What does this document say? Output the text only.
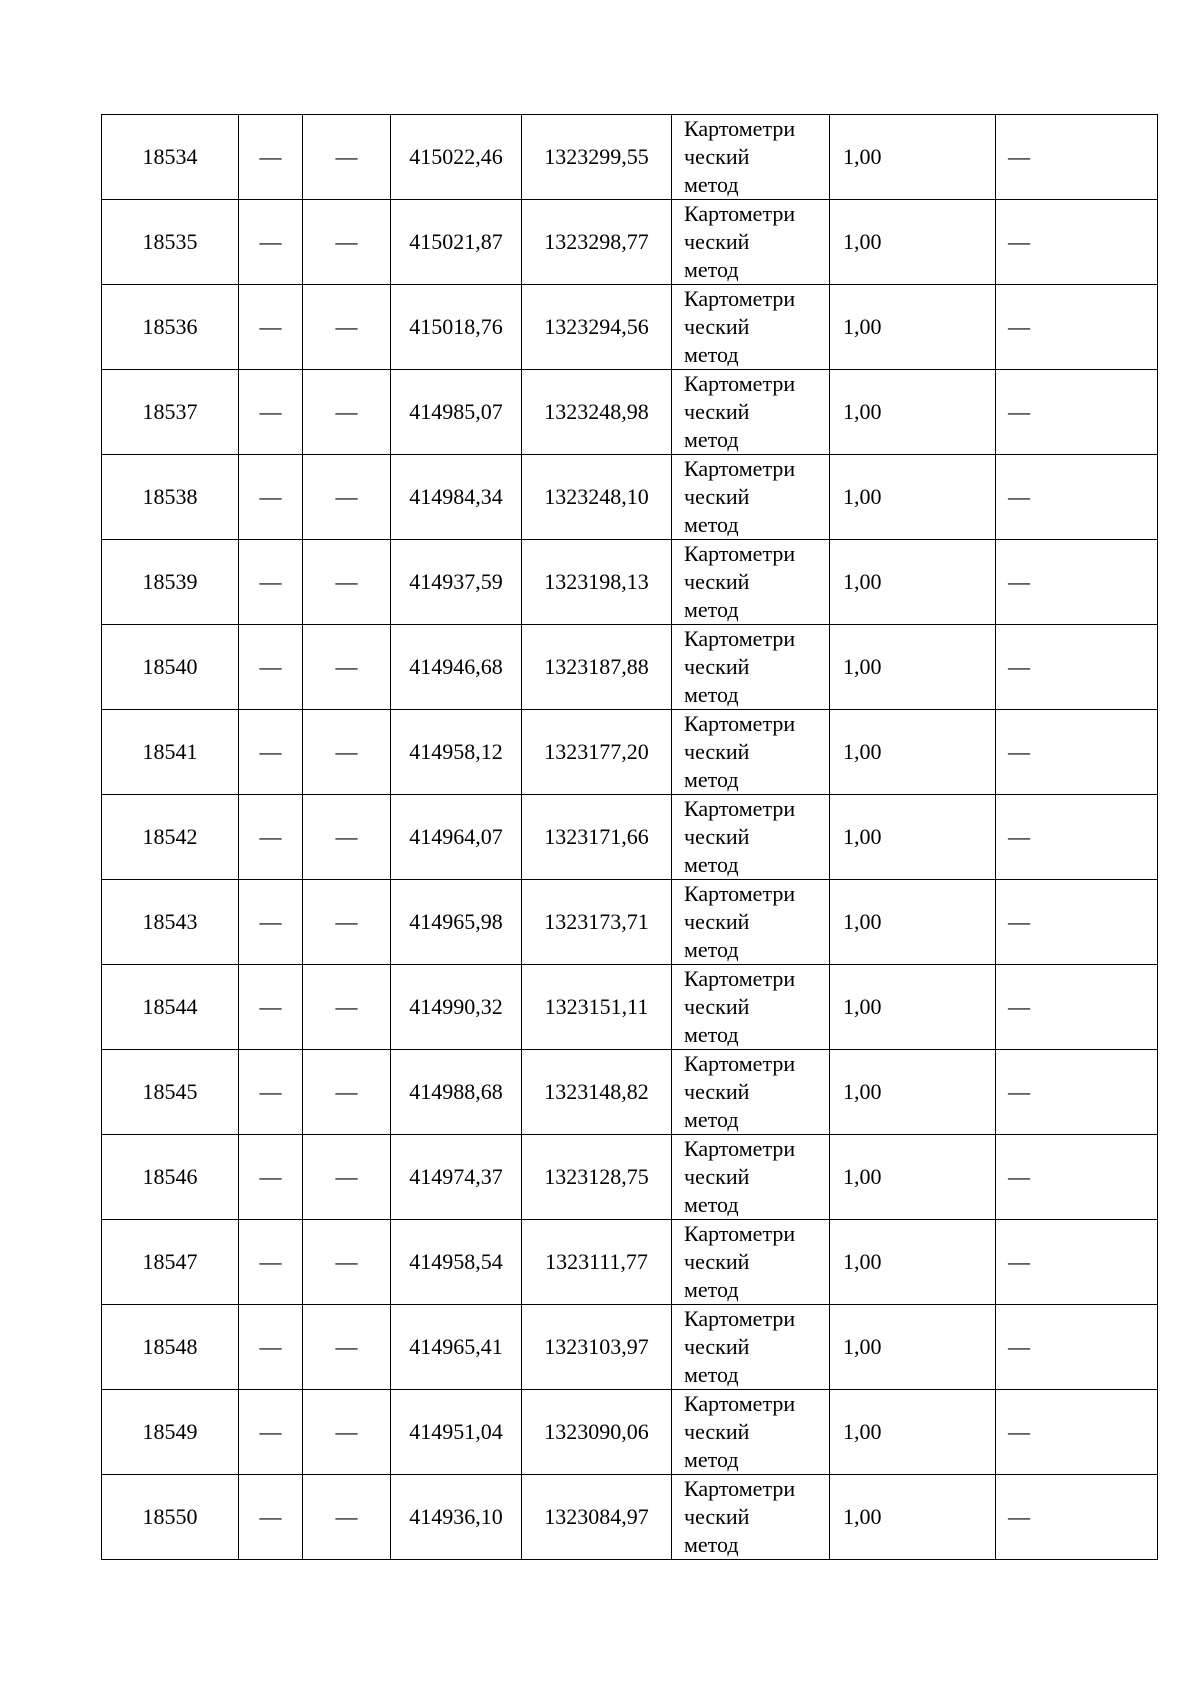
18534	—	—	415022,46	1323299,55	Картометри
ческий
метод	1,00	—
18535	—	—	415021,87	1323298,77	Картометри
ческий
метод	1,00	—
18536	—	—	415018,76	1323294,56	Картометри
ческий
метод	1,00	—
18537	—	—	414985,07	1323248,98	Картометри
ческий
метод	1,00	—
18538	—	—	414984,34	1323248,10	Картометри
ческий
метод	1,00	—
18539	—	—	414937,59	1323198,13	Картометри
ческий
метод	1,00	—
18540	—	—	414946,68	1323187,88	Картометри
ческий
метод	1,00	—
18541	—	—	414958,12	1323177,20	Картометри
ческий
метод	1,00	—
18542	—	—	414964,07	1323171,66	Картометри
ческий
метод	1,00	—
18543	—	—	414965,98	1323173,71	Картометри
ческий
метод	1,00	—
18544	—	—	414990,32	1323151,11	Картометри
ческий
метод	1,00	—
18545	—	—	414988,68	1323148,82	Картометри
ческий
метод	1,00	—
18546	—	—	414974,37	1323128,75	Картометри
ческий
метод	1,00	—
18547	—	—	414958,54	1323111,77	Картометри
ческий
метод	1,00	—
18548	—	—	414965,41	1323103,97	Картометри
ческий
метод	1,00	—
18549	—	—	414951,04	1323090,06	Картометри
ческий
метод	1,00	—
18550	—	—	414936,10	1323084,97	Картометри
ческий
метод	1,00	—
